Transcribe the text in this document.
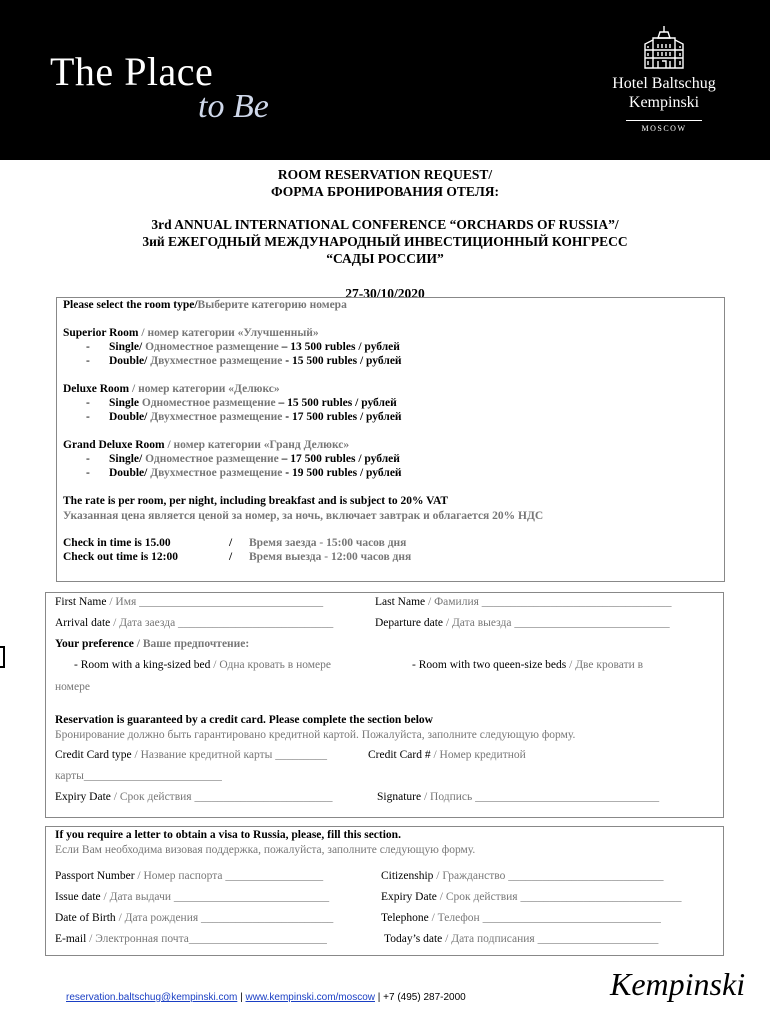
The Place
to Be
Hotel Baltschug
Kempinski
MOSCOW
ROOM RESERVATION REQUEST/
ФОРМА БРОНИРОВАНИЯ ОТЕЛЯ:
3rd ANNUAL INTERNATIONAL CONFERENCE “ORCHARDS OF RUSSIA”/
3ий ЕЖЕГОДНЫЙ МЕЖДУНАРОДНЫЙ ИНВЕСТИЦИОННЫЙ КОНГРЕСС
“САДЫ РОССИИ”
27-30/10/2020
Please select the room type/Выберите категорию номера
Superior Room / номер категории «Улучшенный»
- Single/ Одноместное размещение – 13 500 rubles / рублей
- Double/ Двухместное размещение - 15 500 rubles / рублей
Deluxe Room / номер категории «Делюкс»
- Single Одноместное размещение – 15 500 rubles / рублей
- Double/ Двухместное размещение - 17 500 rubles / рублей
Grand Deluxe Room / номер категории «Гранд Делюкс»
- Single/ Одноместное размещение – 17 500 rubles / рублей
- Double/ Двухместное размещение - 19 500 rubles / рублей
The rate is per room, per night, including breakfast and is subject to 20% VAT
Указанная цена является ценой за номер, за ночь, включает завтрак и облагается 20% НДС
Check in time is 15.00	/ Время заезда - 15:00 часов дня
Check out time is 12:00	/ Время выезда - 12:00 часов дня
First Name / Имя ________________________________	Last Name / Фамилия _________________________________
Arrival date / Дата заезда ___________________________	Departure date / Дата выезда ___________________________
Your preference / Ваше предпочтение:
- Room with a king-sized bed / Одна кровать в номере	- Room with two queen-size beds / Две кровати в
номере
Reservation is guaranteed by a credit card. Please complete the section below
Бронирование должно быть гарантировано кредитной картой. Пожалуйста, заполните следующую форму.
Credit Card type / Название кредитной карты _________	Credit Card # / Номер кредитной
карты________________________
Expiry Date / Срок действия ________________________	Signature / Подпись ________________________________
If you require a letter to obtain a visa to Russia, please, fill this section.
Если Вам необходима визовая поддержка, пожалуйста, заполните следующую форму.
Passport Number / Номер паспорта _________________	Citizenship / Гражданство ___________________________
Issue date / Дата выдачи ___________________________	Expiry Date / Срок действия ____________________________
Date of Birth / Дата рождения _______________________	Telephone / Телефон _______________________________
E-mail / Электронная почта________________________	Today’s date / Дата подписания _____________________
reservation.baltschug@kempinski.com | www.kempinski.com/moscow | +7 (495) 287-2000	Kempinski
